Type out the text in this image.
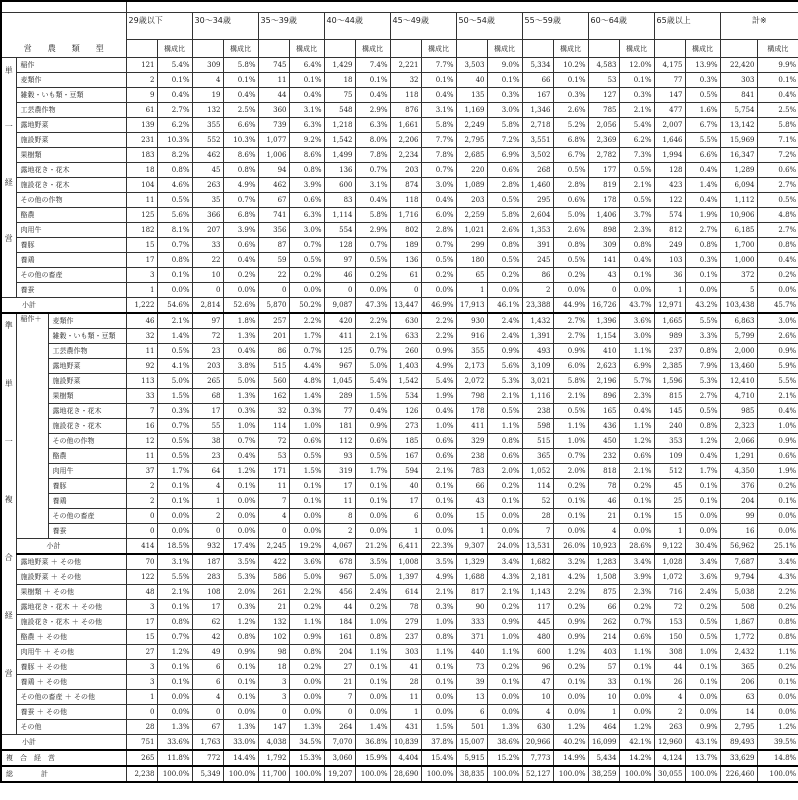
営　　農　　類　　型			29歳以下		30～34歳		35～39歳		40～44歳		45～49歳		50～54歳		55～59歳		60～64歳		65歳以上		計※	
				構成比		構成比		構成比		構成比		構成比		構成比		構成比		構成比		構成比		構成比

単一経営	稲作		121	5.4%	309	5.8%	745	6.4%	1,429	7.4%	2,221	7.7%	3,503	9.0%	5,334	10.2%	4,583	12.0%	4,175	13.9%	22,420	9.9%
	麦類作		2	0.1%	4	0.1%	11	0.1%	18	0.1%	32	0.1%	40	0.1%	66	0.1%	53	0.1%	77	0.3%	303	0.1%
	雑穀・いも類・豆類		9	0.4%	19	0.4%	44	0.4%	75	0.4%	118	0.4%	135	0.3%	167	0.3%	127	0.3%	147	0.5%	841	0.4%
	工芸農作物		61	2.7%	132	2.5%	360	3.1%	548	2.9%	876	3.1%	1,169	3.0%	1,346	2.6%	785	2.1%	477	1.6%	5,754	2.5%
	露地野菜		139	6.2%	355	6.6%	739	6.3%	1,218	6.3%	1,661	5.8%	2,249	5.8%	2,718	5.2%	2,056	5.4%	2,007	6.7%	13,142	5.8%
	施設野菜		231	10.3%	552	10.3%	1,077	9.2%	1,542	8.0%	2,206	7.7%	2,795	7.2%	3,551	6.8%	2,369	6.2%	1,646	5.5%	15,969	7.1%
	果樹類		183	8.2%	462	8.6%	1,006	8.6%	1,499	7.8%	2,234	7.8%	2,685	6.9%	3,502	6.7%	2,782	7.3%	1,994	6.6%	16,347	7.2%
	露地花き・花木		18	0.8%	45	0.8%	94	0.8%	136	0.7%	203	0.7%	220	0.6%	268	0.5%	177	0.5%	128	0.4%	1,289	0.6%
	施設花き・花木		104	4.6%	263	4.9%	462	3.9%	600	3.1%	874	3.0%	1,089	2.8%	1,460	2.8%	819	2.1%	423	1.4%	6,094	2.7%
	その他の作物		11	0.5%	35	0.7%	67	0.6%	83	0.4%	118	0.4%	203	0.5%	295	0.6%	178	0.5%	122	0.4%	1,112	0.5%
	酪農		125	5.6%	366	6.8%	741	6.3%	1,114	5.8%	1,716	6.0%	2,259	5.8%	2,604	5.0%	1,406	3.7%	574	1.9%	10,906	4.8%
	肉用牛		182	8.1%	207	3.9%	356	3.0%	554	2.9%	802	2.8%	1,021	2.6%	1,353	2.6%	898	2.3%	812	2.7%	6,185	2.7%
	養豚		15	0.7%	33	0.6%	87	0.7%	128	0.7%	189	0.7%	299	0.8%	391	0.8%	309	0.8%	249	0.8%	1,700	0.8%
	養鶏		17	0.8%	22	0.4%	59	0.5%	97	0.5%	136	0.5%	180	0.5%	245	0.5%	141	0.4%	103	0.3%	1,000	0.4%
	その他の畜産		3	0.1%	10	0.2%	22	0.2%	46	0.2%	61	0.2%	65	0.2%	86	0.2%	43	0.1%	36	0.1%	372	0.2%
	養蚕		1	0.0%	0	0.0%	0	0.0%	0	0.0%	0	0.0%	1	0.0%	2	0.0%	0	0.0%	1	0.0%	5	0.0%
小計			1,222	54.6%	2,814	52.6%	5,870	50.2%	9,087	47.3%	13,447	46.9%	17,913	46.1%	23,388	44.9%	16,726	43.7%	12,971	43.2%	103,438	45.7%

準単一複合経営	稲作＋	麦類作	46	2.1%	97	1.8%	257	2.2%	420	2.2%	630	2.2%	930	2.4%	1,432	2.7%	1,396	3.6%	1,665	5.5%	6,863	3.0%
		雑穀・いも類・豆類	32	1.4%	72	1.3%	201	1.7%	411	2.1%	633	2.2%	916	2.4%	1,391	2.7%	1,154	3.0%	989	3.3%	5,799	2.6%
		工芸農作物	11	0.5%	23	0.4%	86	0.7%	125	0.7%	260	0.9%	355	0.9%	493	0.9%	410	1.1%	237	0.8%	2,000	0.9%
		露地野菜	92	4.1%	203	3.8%	515	4.4%	967	5.0%	1,403	4.9%	2,173	5.6%	3,109	6.0%	2,623	6.9%	2,385	7.9%	13,460	5.9%
		施設野菜	113	5.0%	265	5.0%	560	4.8%	1,045	5.4%	1,542	5.4%	2,072	5.3%	3,021	5.8%	2,196	5.7%	1,596	5.3%	12,410	5.5%
		果樹類	33	1.5%	68	1.3%	162	1.4%	289	1.5%	534	1.9%	798	2.1%	1,116	2.1%	896	2.3%	815	2.7%	4,710	2.1%
		露地花き・花木	7	0.3%	17	0.3%	32	0.3%	77	0.4%	126	0.4%	178	0.5%	238	0.5%	165	0.4%	145	0.5%	985	0.4%
		施設花き・花木	16	0.7%	55	1.0%	114	1.0%	181	0.9%	273	1.0%	411	1.1%	598	1.1%	436	1.1%	240	0.8%	2,323	1.0%
		その他の作物	12	0.5%	38	0.7%	72	0.6%	112	0.6%	185	0.6%	329	0.8%	515	1.0%	450	1.2%	353	1.2%	2,066	0.9%
		酪農	11	0.5%	23	0.4%	53	0.5%	93	0.5%	167	0.6%	238	0.6%	365	0.7%	232	0.6%	109	0.4%	1,291	0.6%
		肉用牛	37	1.7%	64	1.2%	171	1.5%	319	1.7%	594	2.1%	783	2.0%	1,052	2.0%	818	2.1%	512	1.7%	4,350	1.9%
		養豚	2	0.1%	4	0.1%	11	0.1%	17	0.1%	40	0.1%	66	0.2%	114	0.2%	78	0.2%	45	0.1%	376	0.2%
		養鶏	2	0.1%	1	0.0%	7	0.1%	11	0.1%	17	0.1%	43	0.1%	52	0.1%	46	0.1%	25	0.1%	204	0.1%
		その他の畜産	0	0.0%	2	0.0%	4	0.0%	8	0.0%	6	0.0%	15	0.0%	28	0.1%	21	0.1%	15	0.0%	99	0.0%
		養蚕	0	0.0%	0	0.0%	0	0.0%	2	0.0%	1	0.0%	1	0.0%	7	0.0%	4	0.0%	1	0.0%	16	0.0%
	小計		414	18.5%	932	17.4%	2,245	19.2%	4,067	21.2%	6,411	22.3%	9,307	24.0%	13,531	26.0%	10,923	28.6%	9,122	30.4%	56,962	25.1%
	露地野菜 ＋ その他		70	3.1%	187	3.5%	422	3.6%	678	3.5%	1,008	3.5%	1,329	3.4%	1,682	3.2%	1,283	3.4%	1,028	3.4%	7,687	3.4%
	施設野菜 ＋ その他		122	5.5%	283	5.3%	586	5.0%	967	5.0%	1,397	4.9%	1,688	4.3%	2,181	4.2%	1,508	3.9%	1,072	3.6%	9,794	4.3%
	果樹類 ＋ その他		48	2.1%	108	2.0%	261	2.2%	456	2.4%	614	2.1%	817	2.1%	1,143	2.2%	875	2.3%	716	2.4%	5,038	2.2%
	露地花き・花木 ＋ その他		3	0.1%	17	0.3%	21	0.2%	44	0.2%	78	0.3%	90	0.2%	117	0.2%	66	0.2%	72	0.2%	508	0.2%
	施設花き・花木 ＋ その他		17	0.8%	62	1.2%	132	1.1%	184	1.0%	279	1.0%	333	0.9%	445	0.9%	262	0.7%	153	0.5%	1,867	0.8%
	酪農 ＋ その他		15	0.7%	42	0.8%	102	0.9%	161	0.8%	237	0.8%	371	1.0%	480	0.9%	214	0.6%	150	0.5%	1,772	0.8%
	肉用牛 ＋ その他		27	1.2%	49	0.9%	98	0.8%	204	1.1%	303	1.1%	440	1.1%	600	1.2%	403	1.1%	308	1.0%	2,432	1.1%
	養豚 ＋ その他		3	0.1%	6	0.1%	18	0.2%	27	0.1%	41	0.1%	73	0.2%	96	0.2%	57	0.1%	44	0.1%	365	0.2%
	養鶏 ＋ その他		3	0.1%	6	0.1%	3	0.0%	21	0.1%	28	0.1%	39	0.1%	47	0.1%	33	0.1%	26	0.1%	206	0.1%
	その他の畜産 ＋ その他		1	0.0%	4	0.1%	3	0.0%	7	0.0%	11	0.0%	13	0.0%	10	0.0%	10	0.0%	4	0.0%	63	0.0%
	養蚕 ＋ その他		0	0.0%	0	0.0%	0	0.0%	0	0.0%	1	0.0%	6	0.0%	4	0.0%	1	0.0%	2	0.0%	14	0.0%
	その他		28	1.3%	67	1.3%	147	1.3%	264	1.4%	431	1.5%	501	1.3%	630	1.2%	464	1.2%	263	0.9%	2,795	1.2%
小計			751	33.6%	1,763	33.0%	4,038	34.5%	7,070	36.8%	10,839	37.8%	15,007	38.6%	20,966	40.2%	16,099	42.1%	12,960	43.1%	89,493	39.5%
複　合　経　営			265	11.8%	772	14.4%	1,792	15.3%	3,060	15.9%	4,404	15.4%	5,915	15.2%	7,773	14.9%	5,434	14.2%	4,124	13.7%	33,629	14.8%
総　　　　計			2,238	100.0%	5,349	100.0%	11,700	100.0%	19,207	100.0%	28,690	100.0%	38,835	100.0%	52,127	100.0%	38,259	100.0%	30,055	100.0%	226,460	100.0%
